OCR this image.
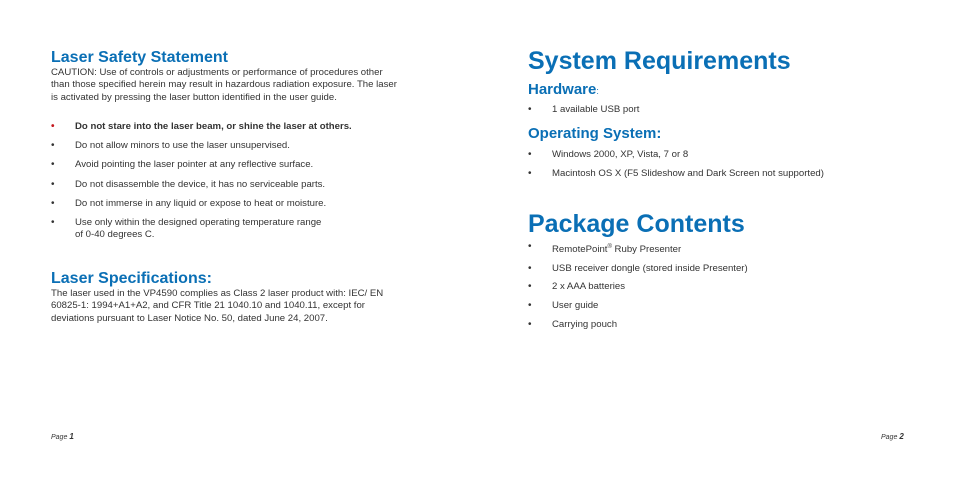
Laser Safety Statement

CAUTION: Use of controls or adjustments or performance of procedures other than those specified herein may result in hazardous radiation exposure. The laser is activated by pressing the laser button identified in the user guide.

• Do not stare into the laser beam, or shine the laser at others.
• Do not allow minors to use the laser unsupervised.
• Avoid pointing the laser pointer at any reflective surface.
• Do not disassemble the device, it has no serviceable parts.
• Do not immerse in any liquid or expose to heat or moisture.
• Use only within the designed operating temperature range
of 0-40 degrees C.
Laser Specifications:

The laser used in the VP4590 complies as Class 2 laser product with: IEC/ EN 60825-1: 1994+A1+A2, and CFR Title 21 1040.10 and 1040.11, except for deviations pursuant to Laser Notice No. 50, dated June 24, 2007.

Page 1
System Requirements
Hardware:
• 1 available USB port
Operating System:
• Windows 2000, XP, Vista, 7 or 8
• Macintosh OS X (F5 Slideshow and Dark Screen not supported)
Package Contents
• RemotePoint® Ruby Presenter
• USB receiver dongle (stored inside Presenter)
• 2 x AAA batteries
• User guide
• Carrying pouch
Page 2
